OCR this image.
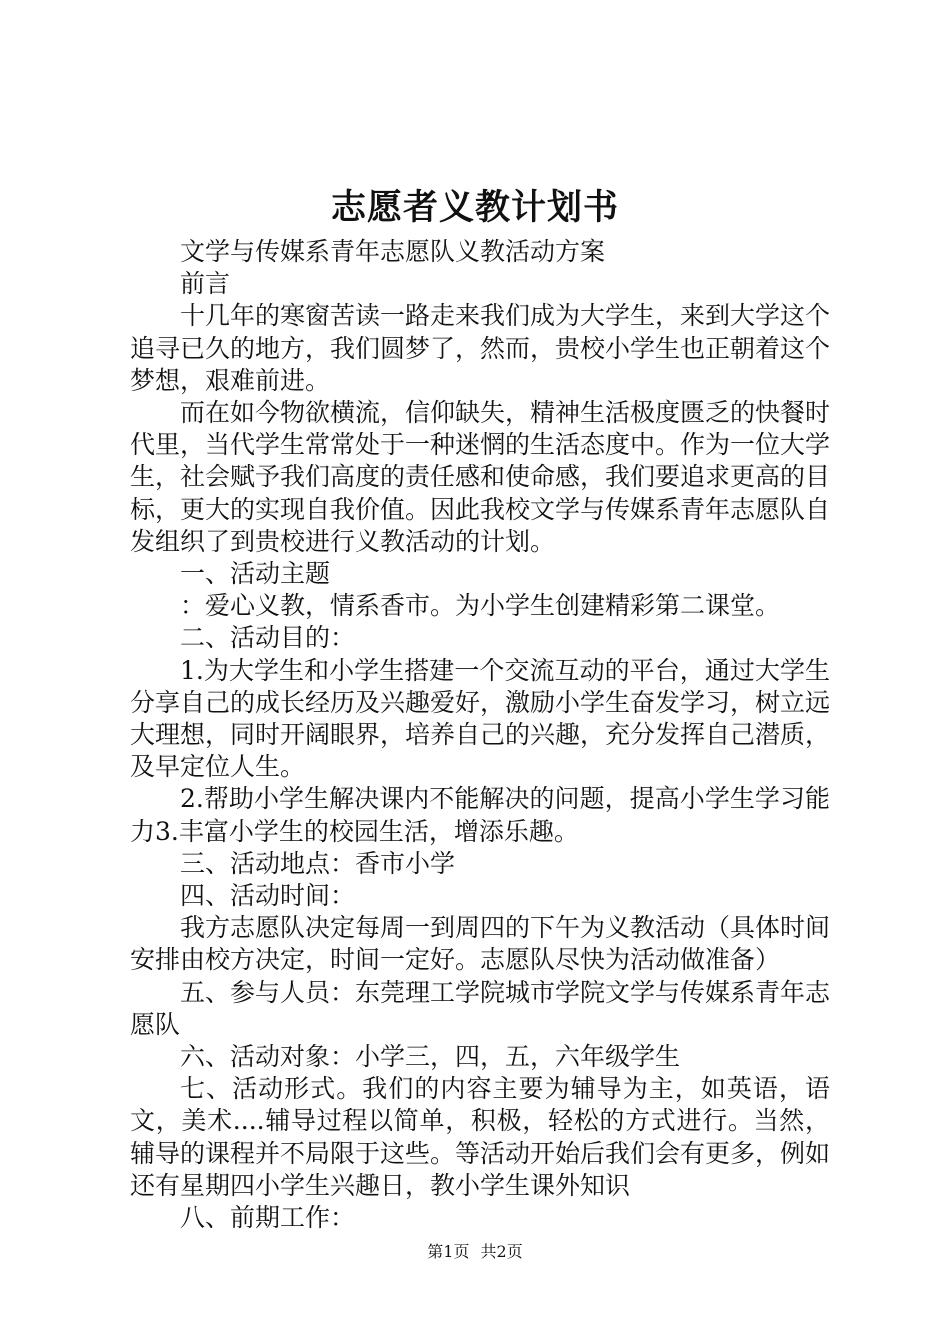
志愿者义教计划书

文学与传媒系青年志愿队义教活动方案

前言

十几年的寒窗苦读一路走来我们成为大学生，来到大学这个追寻已久的地方，我们圆梦了，然而，贵校小学生也正朝着这个梦想，艰难前进。

而在如今物欲横流，信仰缺失，精神生活极度匮乏的快餐时代里，当代学生常常处于一种迷惘的生活态度中。作为一位大学生，社会赋予我们高度的责任感和使命感，我们要追求更高的目标，更大的实现自我价值。因此我校文学与传媒系青年志愿队自发组织了到贵校进行义教活动的计划。

一、活动主题

：爱心义教，情系香市。为小学生创建精彩第二课堂。

二、活动目的：

1.为大学生和小学生搭建一个交流互动的平台，通过大学生分享自己的成长经历及兴趣爱好，激励小学生奋发学习，树立远大理想，同时开阔眼界，培养自己的兴趣，充分发挥自己潜质，及早定位人生。

2.帮助小学生解决课内不能解决的问题，提高小学生学习能力3.丰富小学生的校园生活，增添乐趣。

三、活动地点：香市小学

四、活动时间：

我方志愿队决定每周一到周四的下午为义教活动（具体时间安排由校方决定，时间一定好。志愿队尽快为活动做准备）

五、参与人员：东莞理工学院城市学院文学与传媒系青年志愿队

六、活动对象：小学三，四，五，六年级学生

七、活动形式。我们的内容主要为辅导为主，如英语，语文，美术....辅导过程以简单，积极，轻松的方式进行。当然，辅导的课程并不局限于这些。等活动开始后我们会有更多，例如还有星期四小学生兴趣日，教小学生课外知识

八、前期工作：

第1页 共2页
